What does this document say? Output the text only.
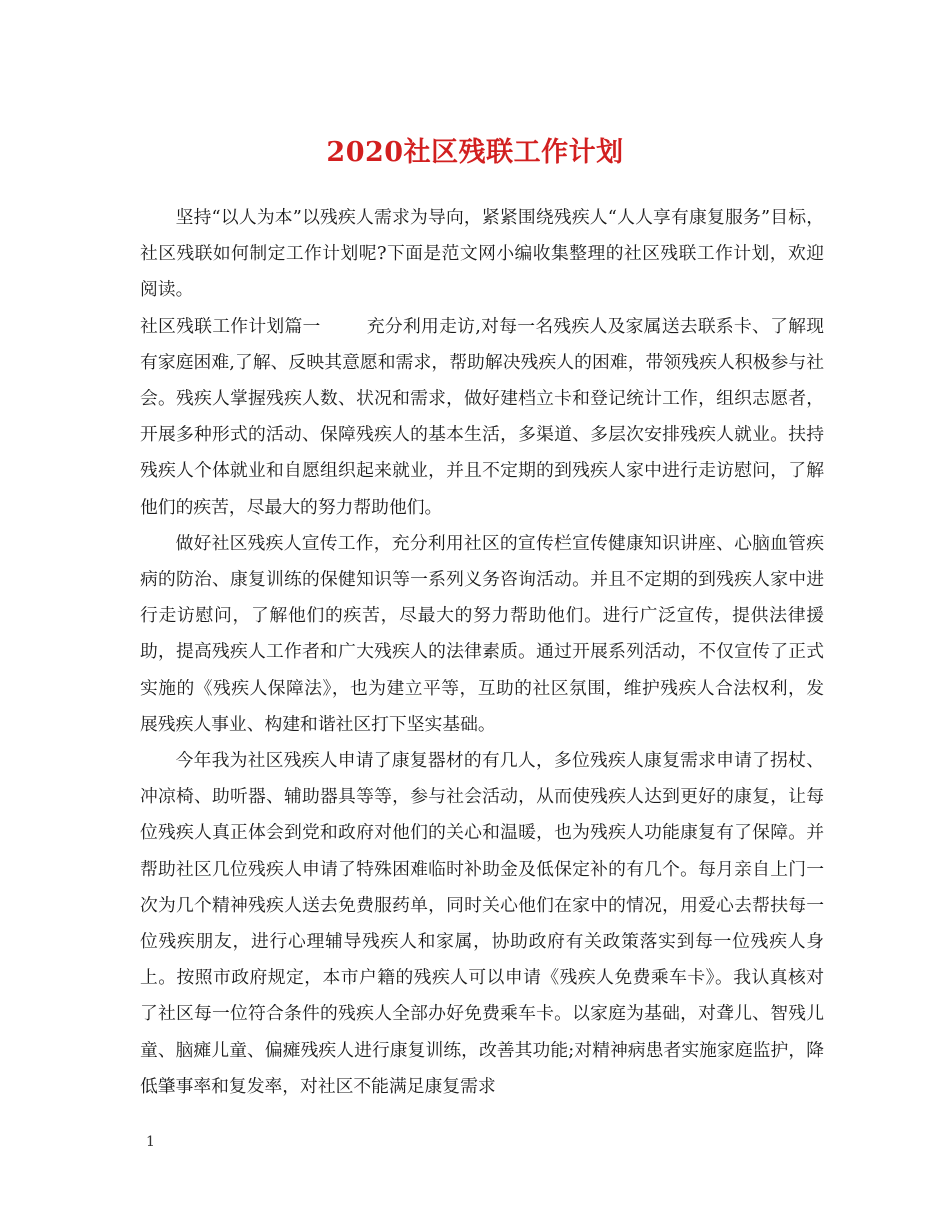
2020社区残联工作计划

坚持“以人为本”以残疾人需求为导向，紧紧围绕残疾人“人人享有康复服务”目标，社区残联如何制定工作计划呢?下面是范文网小编收集整理的社区残联工作计划，欢迎阅读。

社区残联工作计划篇一	充分利用走访,对每一名残疾人及家属送去联系卡、了解现有家庭困难,了解、反映其意愿和需求，帮助解决残疾人的困难，带领残疾人积极参与社会。残疾人掌握残疾人数、状况和需求，做好建档立卡和登记统计工作，组织志愿者，开展多种形式的活动、保障残疾人的基本生活，多渠道、多层次安排残疾人就业。扶持残疾人个体就业和自愿组织起来就业，并且不定期的到残疾人家中进行走访慰问，了解他们的疾苦，尽最大的努力帮助他们。

做好社区残疾人宣传工作，充分利用社区的宣传栏宣传健康知识讲座、心脑血管疾病的防治、康复训练的保健知识等一系列义务咨询活动。并且不定期的到残疾人家中进行走访慰问，了解他们的疾苦，尽最大的努力帮助他们。进行广泛宣传，提供法律援助，提高残疾人工作者和广大残疾人的法律素质。通过开展系列活动，不仅宣传了正式实施的《残疾人保障法》，也为建立平等，互助的社区氛围，维护残疾人合法权利，发展残疾人事业、构建和谐社区打下坚实基础。

今年我为社区残疾人申请了康复器材的有几人，多位残疾人康复需求申请了拐杖、冲凉椅、助听器、辅助器具等等，参与社会活动，从而使残疾人达到更好的康复，让每位残疾人真正体会到党和政府对他们的关心和温暖，也为残疾人功能康复有了保障。并帮助社区几位残疾人申请了特殊困难临时补助金及低保定补的有几个。每月亲自上门一次为几个精神残疾人送去免费服药单，同时关心他们在家中的情况，用爱心去帮扶每一位残疾朋友，进行心理辅导残疾人和家属，协助政府有关政策落实到每一位残疾人身上。按照市政府规定，本市户籍的残疾人可以申请《残疾人免费乘车卡》。我认真核对了社区每一位符合条件的残疾人全部办好免费乘车卡。以家庭为基础，对聋儿、智残儿童、脑瘫儿童、偏瘫残疾人进行康复训练，改善其功能;对精神病患者实施家庭监护，降低肇事率和复发率，对社区不能满足康复需求

1
